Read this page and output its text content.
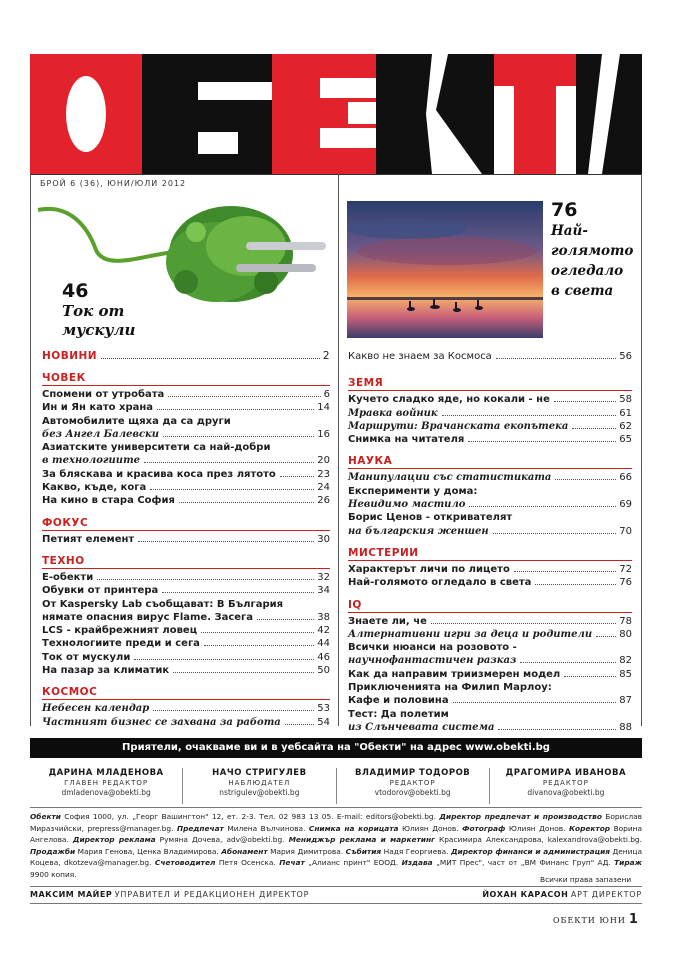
БРОЙ 6 (36), ЮНИ/ЮЛИ 2012
46
Ток от
мускули
76
Най-
голямото
огледало
в света
НОВИНИ	2
ЧОВЕК
Спомени от утробата	6
Ин и Ян като храна	14
Автомобилите щяха да са други
без Ангел Балевски	16
Азиатските университети са най-добри
в технологиите	20
За бляскава и красива коса през лятото	23
Какво, къде, кога	24
На кино в стара София	26
ФОКУС
Петият елемент	30
ТЕХНО
Е-обекти	32
Обувки от принтера	34
От Kaspersky Lab съобщават: В България
нямате опасния вирус Flame. Засега	38
LCS - крайбрежният ловец	42
Технологиите преди и сега	44
Ток от мускули	46
На пазар за климатик	50
КОСМОС
Небесен календар	53
Частният бизнес се захвана за работа	54
Какво не знаем за Космоса	56
ЗЕМЯ
Кучето сладко яде, но кокали - не	58
Мравка войник	61
Маршрути: Врачанската екопътека	62
Снимка на читателя	65
НАУКА
Манипулации със статистиката	66
Експерименти у дома:
Невидимо мастило	69
Борис Ценов - откривателят
на българския женшен	70
МИСТЕРИИ
Характерът личи по лицето	72
Най-голямото огледало в света	76
IQ
Знаете ли, че	78
Алтернативни игри за деца и родители	80
Всички нюанси на розовото -
научнофантастичен разказ	82
Как да направим триизмерен модел	85
Приключенията на Филип Марлоу:
Кафе и половина	87
Тест: Да полетим
из Слънчевата система	88
Приятели, очакваме ви и в уебсайта на "Обекти" на адрес www.obekti.bg
ДАРИНА МЛАДЕНОВА
ГЛАВЕН РЕДАКТОР
dmladenova@obekti.bg
НАЧО СТРИГУЛЕВ
НАБЛЮДАТЕЛ
nstrigulev@obekti.bg
ВЛАДИМИР ТОДОРОВ
РЕДАКТОР
vtodorov@obekti.bg
ДРАГОМИРА ИВАНОВА
РЕДАКТОР
divanova@obekti.bg
Обекти София 1000, ул. „Георг Вашингтон" 12, ет. 2-3. Тел. 02 983 13 05. E-mail: editors@obekti.bg. Директор предпечат и производство Борислав Миразчийски, prepress@manager.bg. Предпечат Милена Вълчинова. Снимка на корицата Юлиян Донов. Фотограф Юлиян Донов. Коректор Ворина Ангелова. Директор реклама Румяна Дочева, adv@obekti.bg. Мениджър реклама и маркетинг Красимира Александрова, kalexandrova@obekti.bg. Продажби Мария Генова, Ценка Владимирова. Абонамент Мария Димитрова. Събития Надя Георгиева. Директор финанси и администрация Деница Коцева, dkotzeva@manager.bg. Счетоводител Петя Осенска. Печат „Алианс принт" ЕООД. Издава „МИТ Прес", част от „ВМ Финанс Груп" АД. Тираж 9900 копия.
Всички права запазени
МАКСИМ МАЙЕР УПРАВИТЕЛ И РЕДАКЦИОНЕН ДИРЕКТОР	ЙОХАН КАРАСОН АРТ ДИРЕКТОР
ОБЕКТИ ЮНИ 1
